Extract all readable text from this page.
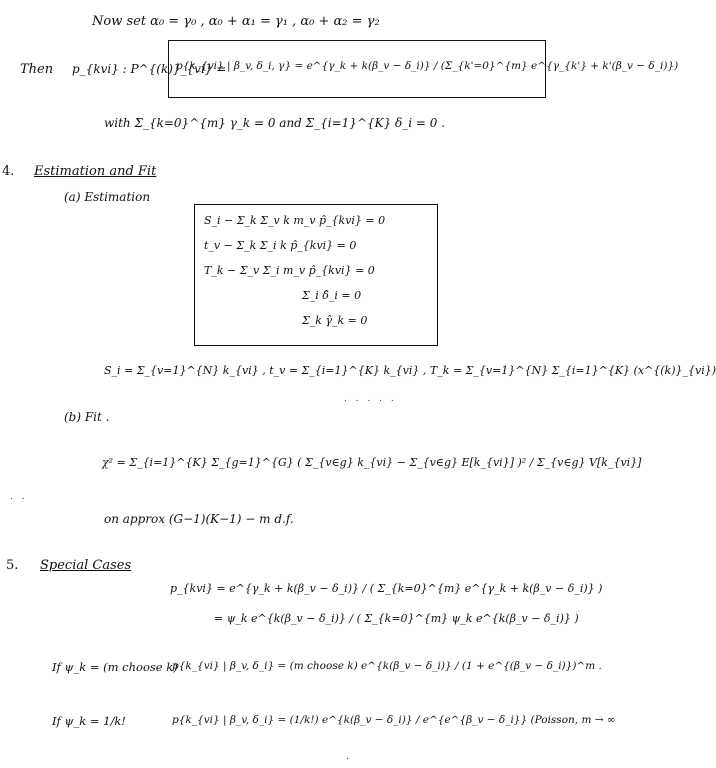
Now set α₀ = γ₀ , α₀ + α₁ = γ₁ , α₀ + α₂ = γ₂
Then p_{kvi} : P^{(k)}_{vi} =
p{k_{vi} | β_v, δ_i, γ} = e^{γ_k + k(β_v − δ_i)} / (Σ_{k'=0}^{m} e^{γ_{k'} + k'(β_v − δ_i)})
with Σ_{k=0}^{m} γ_k = 0 and Σ_{i=1}^{K} δ_i = 0 .
4. Estimation and Fit
(a) Estimation
S_i − Σ_k Σ_v k m_v p̂_{kvi} = 0
t_v − Σ_k Σ_i k p̂_{kvi} = 0
T_k − Σ_v Σ_i m_v p̂_{kvi} = 0
Σ_i δ̂_i = 0
Σ_k γ̂_k = 0
S_i = Σ_{v=1}^{N} k_{vi} , t_v = Σ_{i=1}^{K} k_{vi} , T_k = Σ_{v=1}^{N} Σ_{i=1}^{K} (x^{(k)}_{vi})
. . . . .
(b) Fit .
χ² = Σ_{i=1}^{K} Σ_{g=1}^{G} ( Σ_{v∈g} k_{vi} − Σ_{v∈g} E[k_{vi}] )² / Σ_{v∈g} V[k_{vi}]
. .
on approx (G−1)(K−1) − m d.f.
5. Special Cases
p_{kvi} = e^{γ_k + k(β_v − δ_i)} / ( Σ_{k=0}^{m} e^{γ_k + k(β_v − δ_i)} )
= ψ_k e^{k(β_v − δ_i)} / ( Σ_{k=0}^{m} ψ_k e^{k(β_v − δ_i)} )
If ψ_k = (m choose k)
p{k_{vi} | β_v, δ_i} = (m choose k) e^{k(β_v − δ_i)} / (1 + e^{(β_v − δ_i)})^m .
If ψ_k = 1/k!	p{k_{vi} | β_v, δ_i} = (1/k!) e^{k(β_v − δ_i)} / e^{e^{β_v − δ_i}} (Poisson, m → ∞
.
